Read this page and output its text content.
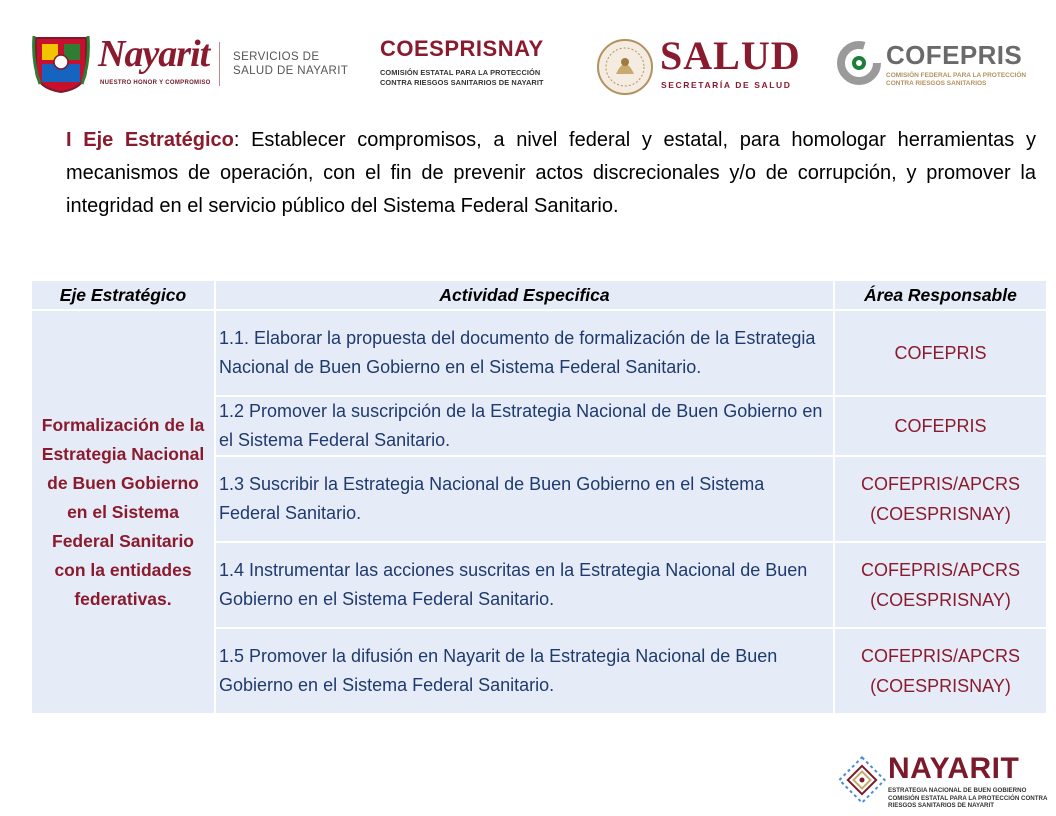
Nayarit
NUESTRO HONOR Y COMPROMISO
SERVICIOS DE
SALUD DE NAYARIT
COESPRISNAY
COMISIÓN ESTATAL PARA LA PROTECCIÓN
CONTRA RIESGOS SANITARIOS DE NAYARIT
SALUD
SECRETARÍA DE SALUD
COFEPRIS
COMISIÓN FEDERAL PARA LA PROTECCIÓN
CONTRA RIESGOS SANITARIOS

I Eje Estratégico: Establecer compromisos, a nivel federal y estatal, para homologar herramientas y mecanismos de operación, con el fin de prevenir actos discrecionales y/o de corrupción, y promover la integridad en el servicio público del Sistema Federal Sanitario.

Eje Estratégico	Actividad Especifica	Área Responsable
Formalización de la Estrategia Nacional de Buen Gobierno en el Sistema Federal Sanitario con la entidades federativas.	1.1. Elaborar la propuesta del documento de formalización de la Estrategia Nacional de Buen Gobierno en el Sistema Federal Sanitario.	COFEPRIS

	1.2 Promover la suscripción de la Estrategia Nacional de Buen Gobierno en el Sistema Federal Sanitario.	COFEPRIS

	1.3 Suscribir la Estrategia Nacional de Buen Gobierno en el Sistema Federal Sanitario.	COFEPRIS/APCRS
(COESPRISNAY)

	1.4 Instrumentar las acciones suscritas en la Estrategia Nacional de Buen Gobierno en el Sistema Federal Sanitario.	COFEPRIS/APCRS
(COESPRISNAY)

	1.5 Promover la difusión en Nayarit de la Estrategia Nacional de Buen Gobierno en el Sistema Federal Sanitario.	COFEPRIS/APCRS
(COESPRISNAY)
NAYARIT
ESTRATEGIA NACIONAL DE BUEN GOBIERNO
COMISIÓN ESTATAL PARA LA PROTECCIÓN CONTRA
RIESGOS SANITARIOS DE NAYARIT
